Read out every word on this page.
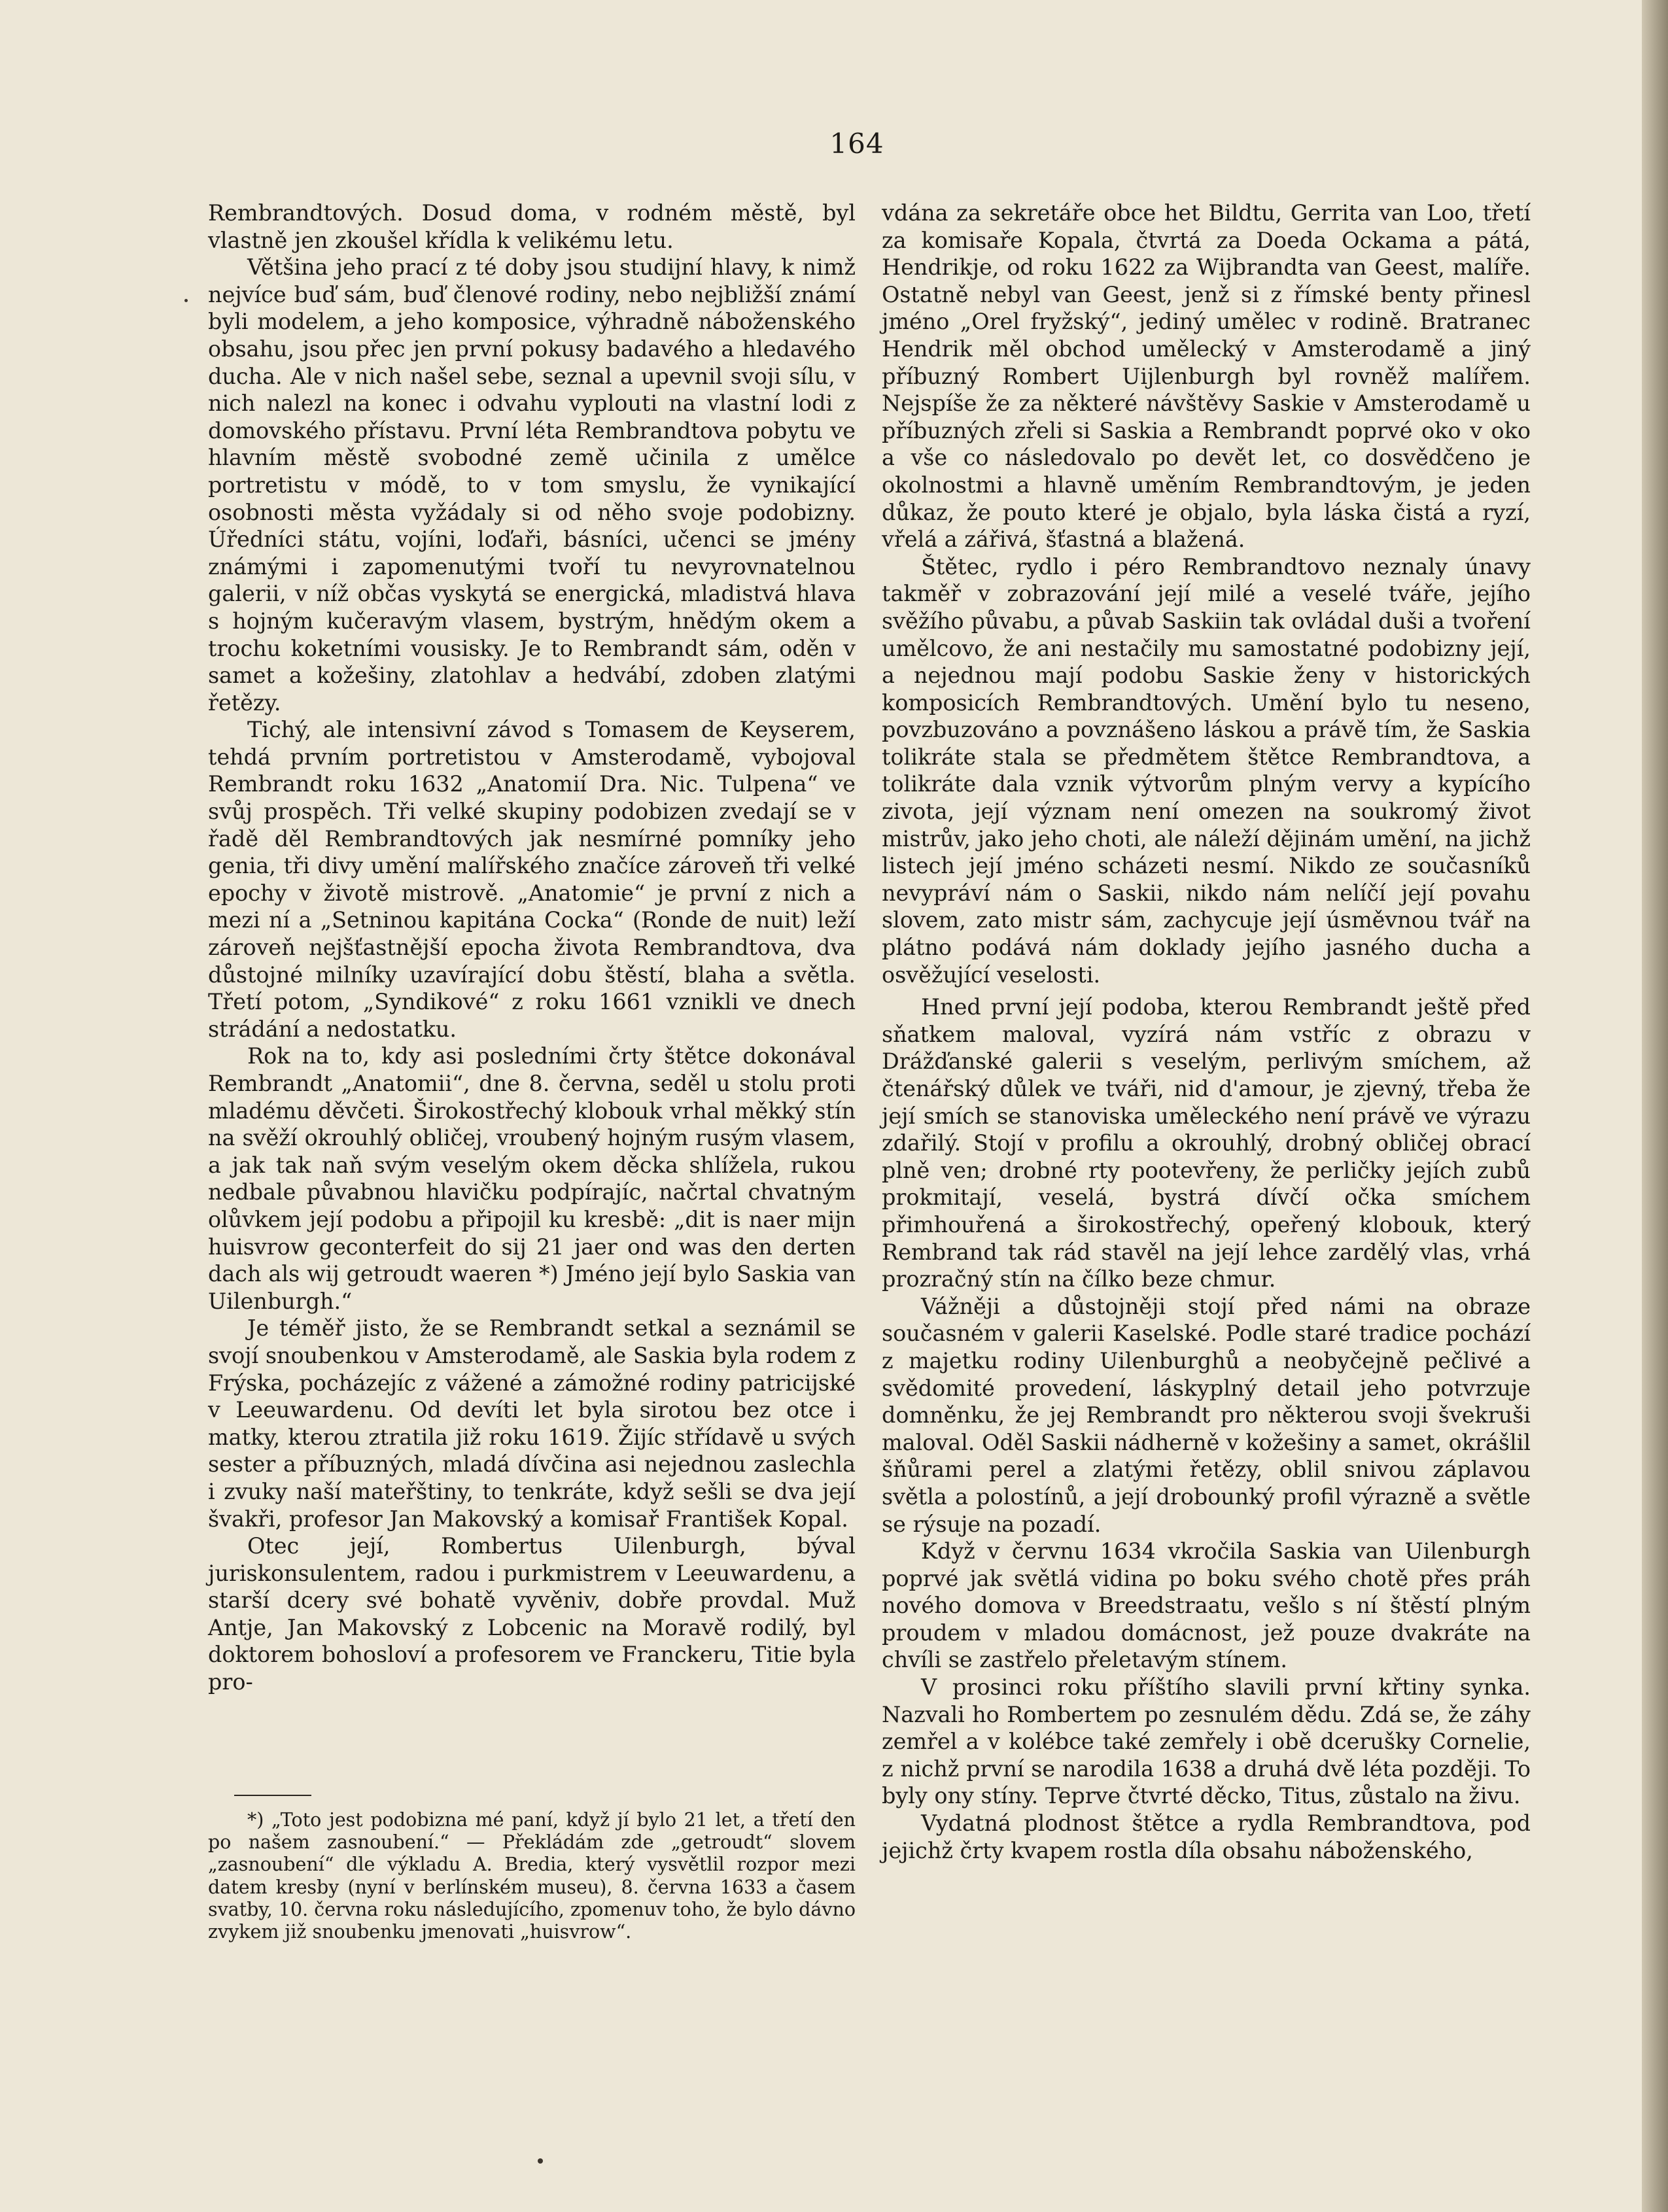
164

Rembrandtových. Dosud doma, v rodném městě, byl vlastně jen zkoušel křídla k velikému letu.

Většina jeho prací z té doby jsou studijní hlavy, k nimž nejvíce buď sám, buď členové rodiny, nebo nejbližší známí byli modelem, a jeho komposice, výhradně náboženského obsahu, jsou přec jen první pokusy badavého a hledavého ducha. Ale v nich našel sebe, seznal a upevnil svoji sílu, v nich nalezl na konec i odvahu vyplouti na vlastní lodi z domovského přístavu. První léta Rembrandtova pobytu ve hlavním městě svobodné země učinila z umělce portretistu v módě, to v tom smyslu, že vynikající osobnosti města vyžádaly si od něho svoje podobizny. Úředníci státu, vojíni, loďaři, básníci, učenci se jmény známými i zapomenutými tvoří tu nevyrovnatelnou galerii, v níž občas vyskytá se energická, mladistvá hlava s hojným kučeravým vlasem, bystrým, hnědým okem a trochu koketními vousisky. Je to Rembrandt sám, oděn v samet a kožešiny, zlatohlav a hedvábí, zdoben zlatými řetězy.

Tichý, ale intensivní závod s Tomasem de Keyserem, tehdá prvním portretistou v Amsterodamě, vybojoval Rembrandt roku 1632 „Anatomií Dra. Nic. Tulpena“ ve svůj prospěch. Tři velké skupiny podobizen zvedají se v řadě děl Rembrandtových jak nesmírné pomníky jeho genia, tři divy umění malířského značíce zároveň tři velké epochy v životě mistrově. „Anatomie“ je první z nich a mezi ní a „Setninou kapitána Cocka“ (Ronde de nuit) leží zároveň nejšťastnější epocha života Rembrandtova, dva důstojné milníky uzavírající dobu štěstí, blaha a světla. Třetí potom, „Syndikové“ z roku 1661 vznikli ve dnech strádání a nedostatku.

Rok na to, kdy asi posledními črty štětce dokonával Rembrandt „Anatomii“, dne 8. června, seděl u stolu proti mladému děvčeti. Širokostřechý klobouk vrhal měkký stín na svěží okrouhlý obličej, vroubený hojným rusým vlasem, a jak tak naň svým veselým okem děcka shlížela, rukou nedbale půvabnou hlavičku podpírajíc, načrtal chvatným olůvkem její podobu a připojil ku kresbě: „dit is naer mijn huisvrow geconterfeit do sij 21 jaer ond was den derten dach als wij getroudt waeren *) Jméno její bylo Saskia van Uilenburgh.“

Je téměř jisto, že se Rembrandt setkal a seznámil se svojí snoubenkou v Amsterodamě, ale Saskia byla rodem z Frýska, pocházejíc z vážené a zámožné rodiny patricijské v Leeuwardenu. Od devíti let byla sirotou bez otce i matky, kterou ztratila již roku 1619. Žijíc střídavě u svých sester a příbuzných, mladá dívčina asi nejednou zaslechla i zvuky naší mateřštiny, to tenkráte, když sešli se dva její švakři, profesor Jan Makovský a komisař František Kopal.

Otec její, Rombertus Uilenburgh, býval juriskonsulentem, radou i purkmistrem v Leeuwardenu, a starší dcery své bohatě vyvěniv, dobře provdal. Muž Antje, Jan Makovský z Lobcenic na Moravě rodilý, byl doktorem bohosloví a profesorem ve Franckeru, Titie byla pro-

vdána za sekretáře obce het Bildtu, Gerrita van Loo, třetí za komisaře Kopala, čtvrtá za Doeda Ockama a pátá, Hendrikje, od roku 1622 za Wijbrandta van Geest, malíře. Ostatně nebyl van Geest, jenž si z římské benty přinesl jméno „Orel fryžský“, jediný umělec v rodině. Bratranec Hendrik měl obchod umělecký v Amsterodamě a jiný příbuzný Rombert Uijlenburgh byl rovněž malířem. Nejspíše že za některé návštěvy Saskie v Amsterodamě u příbuzných zřeli si Saskia a Rembrandt poprvé oko v oko a vše co následovalo po devět let, co dosvědčeno je okolnostmi a hlavně uměním Rembrandtovým, je jeden důkaz, že pouto které je objalo, byla láska čistá a ryzí, vřelá a zářivá, šťastná a blažená.

Štětec, rydlo i péro Rembrandtovo neznaly únavy takměř v zobrazování její milé a veselé tváře, jejího svěžího půvabu, a půvab Saskiin tak ovládal duši a tvoření umělcovo, že ani nestačily mu samostatné podobizny její, a nejednou mají podobu Saskie ženy v historických komposicích Rembrandtových. Umění bylo tu neseno, povzbuzováno a povznášeno láskou a právě tím, že Saskia tolikráte stala se předmětem štětce Rembrandtova, a tolikráte dala vznik výtvorům plným vervy a kypícího zivota, její význam není omezen na soukromý život mistrův, jako jeho choti, ale náleží dějinám umění, na jichž listech její jméno scházeti nesmí. Nikdo ze současníků nevypráví nám o Saskii, nikdo nám nelíčí její povahu slovem, zato mistr sám, zachycuje její úsměvnou tvář na plátno podává nám doklady jejího jasného ducha a osvěžující veselosti.

Hned první její podoba, kterou Rembrandt ještě před sňatkem maloval, vyzírá nám vstříc z obrazu v Drážďanské galerii s veselým, perlivým smíchem, až čtenářský důlek ve tváři, nid d'amour, je zjevný, třeba že její smích se stanoviska uměleckého není právě ve výrazu zdařilý. Stojí v profilu a okrouhlý, drobný obličej obrací plně ven; drobné rty pootevřeny, že perličky jejích zubů prokmitají, veselá, bystrá dívčí očka smíchem přimhouřená a širokostřechý, opeřený klobouk, který Rembrand tak rád stavěl na její lehce zardělý vlas, vrhá prozračný stín na čílko beze chmur.

Vážněji a důstojněji stojí před námi na obraze současném v galerii Kaselské. Podle staré tradice pochází z majetku rodiny Uilenburghů a neobyčejně pečlivé a svědomité provedení, láskyplný detail jeho potvrzuje domněnku, že jej Rembrandt pro některou svoji švekruši maloval. Oděl Saskii nádherně v kožešiny a samet, okrášlil šňůrami perel a zlatými řetězy, oblil snivou záplavou světla a polostínů, a její drobounký profil výrazně a světle se rýsuje na pozadí.

Když v červnu 1634 vkročila Saskia van Uilenburgh poprvé jak světlá vidina po boku svého chotě přes práh nového domova v Breedstraatu, vešlo s ní štěstí plným proudem v mladou domácnost, jež pouze dvakráte na chvíli se zastřelo přeletavým stínem.

V prosinci roku příštího slavili první křtiny synka. Nazvali ho Rombertem po zesnulém dědu. Zdá se, že záhy zemřel a v kolébce také zemřely i obě dcerušky Cornelie, z nichž první se narodila 1638 a druhá dvě léta později. To byly ony stíny. Teprve čtvrté děcko, Titus, zůstalo na živu.

Vydatná plodnost štětce a rydla Rembrandtova, pod jejichž črty kvapem rostla díla obsahu náboženského,

*) „Toto jest podobizna mé paní, když jí bylo 21 let, a třetí den po našem zasnoubení.“ — Překládám zde „getroudt“ slovem „zasnoubení“ dle výkladu A. Bredia, který vysvětlil rozpor mezi datem kresby (nyní v berlínském museu), 8. června 1633 a časem svatby, 10. června roku následujícího, zpomenuv toho, že bylo dávno zvykem již snoubenku jmenovati „huisvrow“.
